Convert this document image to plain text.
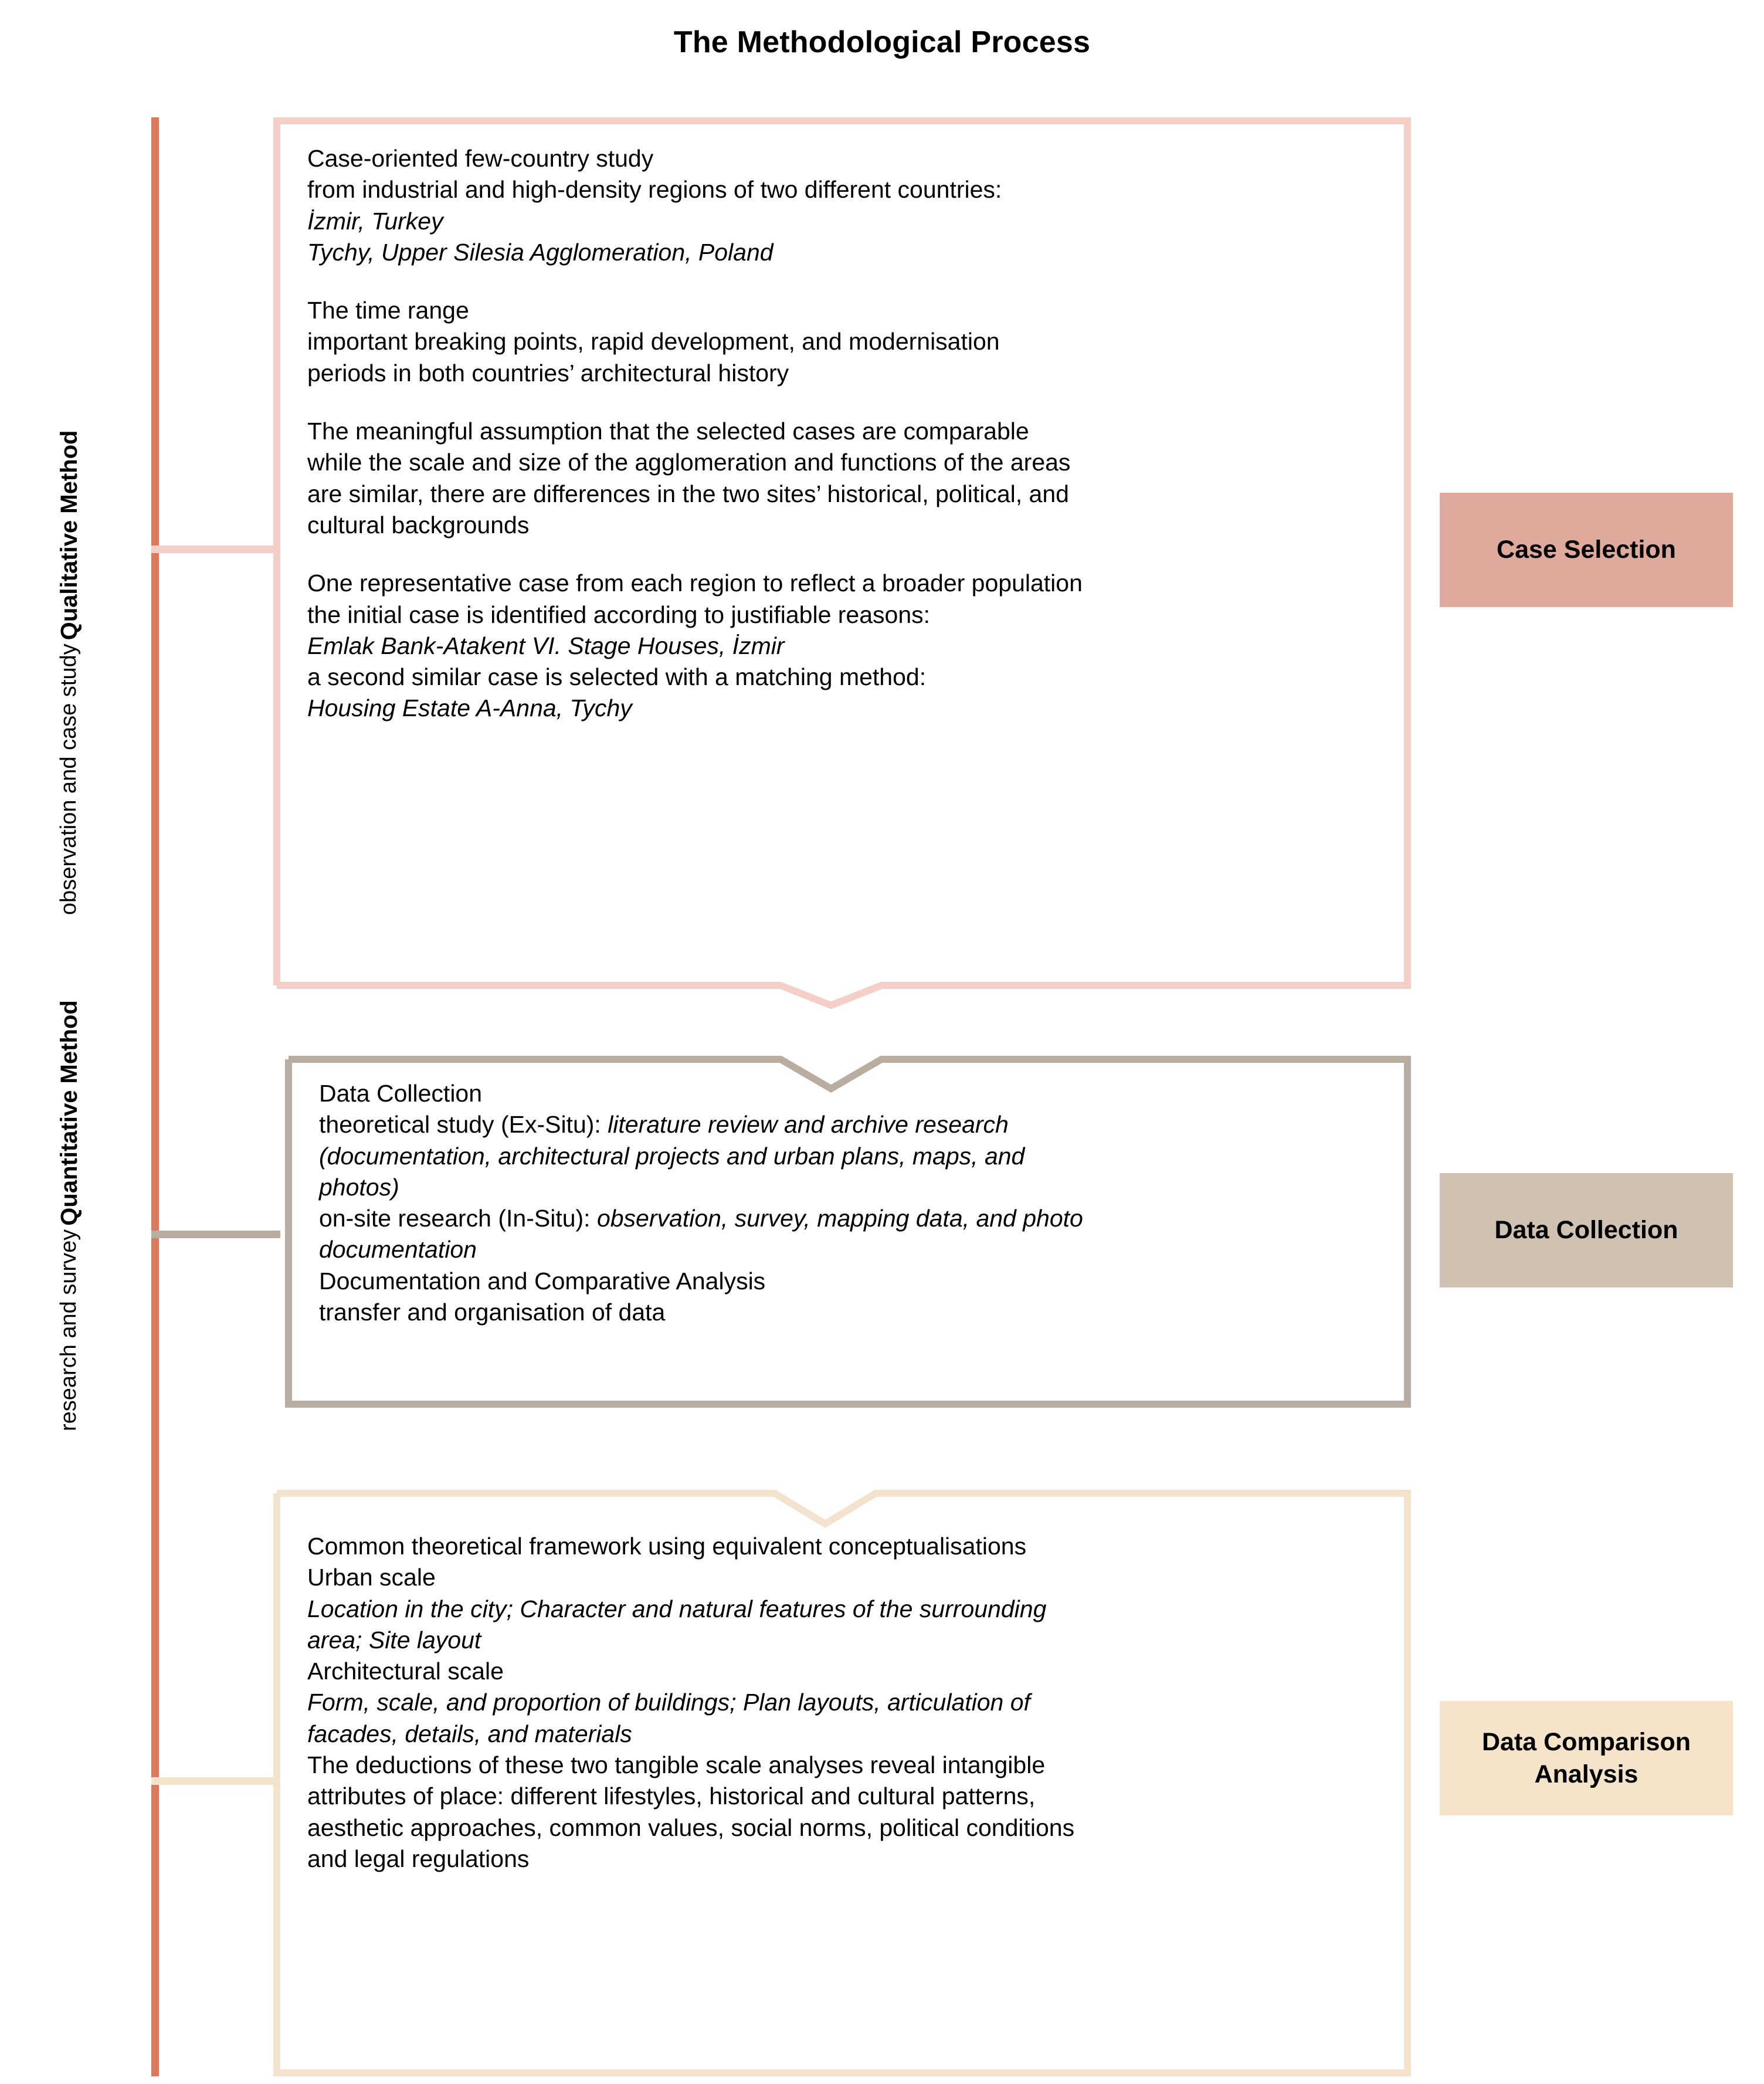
The Methodological Process
Qualitative Method
observation and case study
Quantitative Method
research and survey
Case-oriented few-country study
from industrial and high-density regions of two different countries:
İzmir, Turkey
Tychy, Upper Silesia Agglomeration, Poland
The time range
important breaking points, rapid development, and modernisation
periods in both countries’ architectural history
The meaningful assumption that the selected cases are comparable
while the scale and size of the agglomeration and functions of the areas
are similar, there are differences in the two sites’ historical, political, and
cultural backgrounds
One representative case from each region to reflect a broader population
the initial case is identified according to justifiable reasons:
Emlak Bank-Atakent VI. Stage Houses, İzmir
a second similar case is selected with a matching method:
Housing Estate A-Anna, Tychy
Data Collection
theoretical study (Ex-Situ): literature review and archive research
(documentation, architectural projects and urban plans, maps, and
photos)
on-site research (In-Situ): observation, survey, mapping data, and photo
documentation
Documentation and Comparative Analysis
transfer and organisation of data
Common theoretical framework using equivalent conceptualisations
Urban scale
Location in the city; Character and natural features of the surrounding
area; Site layout
Architectural scale
Form, scale, and proportion of buildings; Plan layouts, articulation of
facades, details, and materials
The deductions of these two tangible scale analyses reveal intangible
attributes of place: different lifestyles, historical and cultural patterns,
aesthetic approaches, common values, social norms, political conditions
and legal regulations
Case Selection
Data Collection
Data Comparison
Analysis
